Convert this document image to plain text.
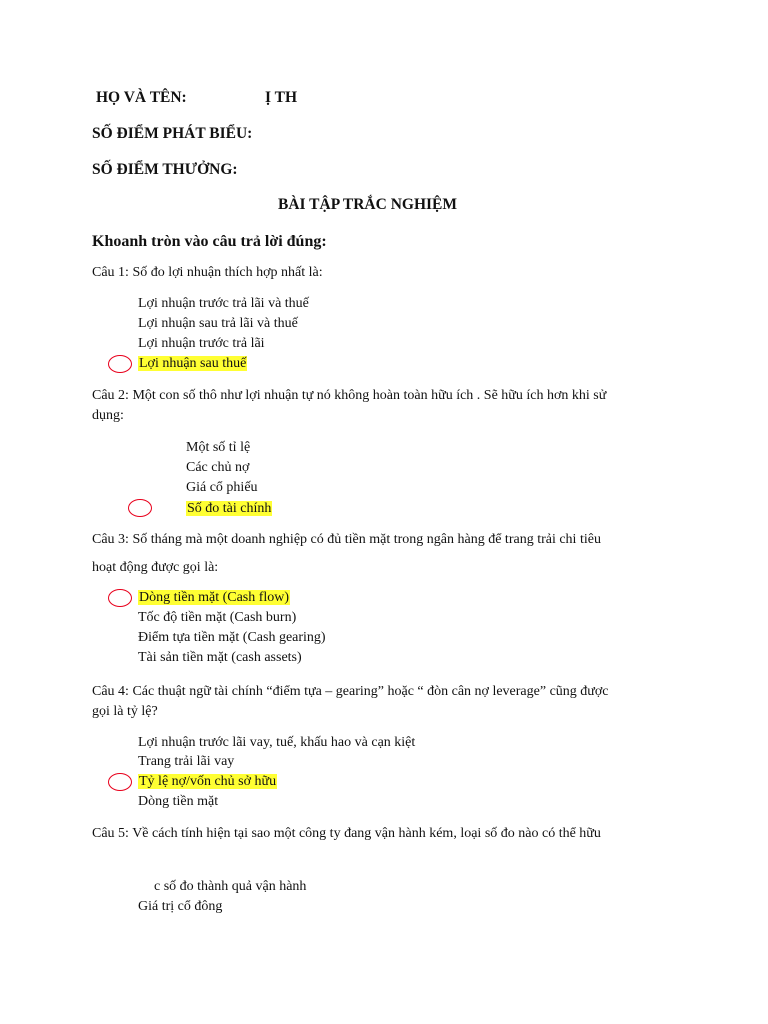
HỌ VÀ TÊN:	Ị TH
SỐ ĐIỂM PHÁT BIỂU:
SỐ ĐIỂM THƯỞNG:
BÀI TẬP TRẮC NGHIỆM
Khoanh tròn vào câu trả lời đúng:
Câu 1: Số đo lợi nhuận thích hợp nhất là:
Lợi nhuận trước trả lãi và thuế
Lợi nhuận sau trả lãi và thuế
Lợi nhuận trước trả lãi
Lợi nhuận sau thuế
Câu 2: Một con số thô như lợi nhuận tự nó không hoàn toàn hữu ích . Sẽ hữu ích hơn khi sử
dụng:
Một số tỉ lệ
Các chủ nợ
Giá cổ phiếu
Số đo tài chính
Câu 3: Số tháng mà một doanh nghiệp có đủ tiền mặt trong ngân hàng để trang trải chi tiêu
hoạt động được gọi là:
Dòng tiền mặt (Cash flow)
Tốc độ tiền mặt (Cash burn)
Điểm tựa tiền mặt (Cash gearing)
Tài sản tiền mặt (cash assets)
Câu 4: Các thuật ngữ tài chính “điểm tựa – gearing” hoặc “ đòn cân nợ leverage” cũng được
gọi là tỷ lệ?
Lợi nhuận trước lãi vay, tuế, khấu hao và cạn kiệt
Trang trải lãi vay
Tỷ lệ nợ/vốn chủ sở hữu
Dòng tiền mặt
Câu 5: Về cách tính hiện tại sao một công ty đang vận hành kém, loại số đo nào có thể hữu
c số đo thành quả vận hành
Giá trị cổ đông
